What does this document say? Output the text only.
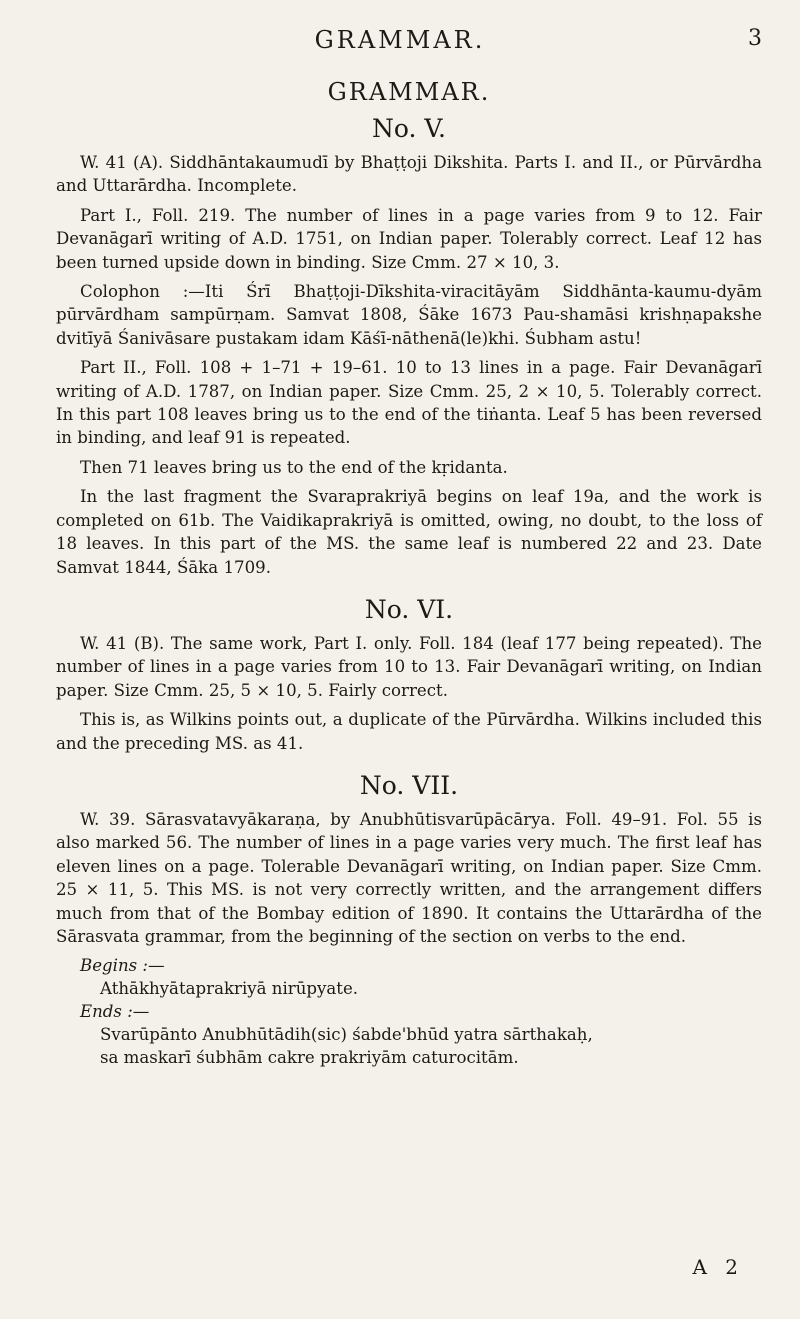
GRAMMAR.	3
GRAMMAR.
No. V.

W. 41 (A). Siddhāntakaumudī by Bhaṭṭoji Dikshita. Parts I. and II., or Pūrvārdha and Uttarārdha. Incomplete.

Part I., Foll. 219. The number of lines in a page varies from 9 to 12. Fair Devanāgarī writing of A.D. 1751, on Indian paper. Tolerably correct. Leaf 12 has been turned upside down in binding. Size Cmm. 27 × 10, 3.

Colophon :—Iti Śrī Bhaṭṭoji-Dīkshita-viracitāyām Siddhānta-kaumu-dyām pūrvārdham sampūrṇam. Samvat 1808, Śāke 1673 Pau-shamāsi krishṇapakshe dvitīyā Śanivāsare pustakam idam Kāśī-nāthenā(le)khi. Śubham astu!

Part II., Foll. 108 + 1–71 + 19–61. 10 to 13 lines in a page. Fair Devanāgarī writing of A.D. 1787, on Indian paper. Size Cmm. 25, 2 × 10, 5. Tolerably correct. In this part 108 leaves bring us to the end of the tiṅanta. Leaf 5 has been reversed in binding, and leaf 91 is repeated.

Then 71 leaves bring us to the end of the kṛidanta.

In the last fragment the Svaraprakriyā begins on leaf 19a, and the work is completed on 61b. The Vaidikaprakriyā is omitted, owing, no doubt, to the loss of 18 leaves. In this part of the MS. the same leaf is numbered 22 and 23. Date Samvat 1844, Śāka 1709.

No. VI.

W. 41 (B). The same work, Part I. only. Foll. 184 (leaf 177 being repeated). The number of lines in a page varies from 10 to 13. Fair Devanāgarī writing, on Indian paper. Size Cmm. 25, 5 × 10, 5. Fairly correct.

This is, as Wilkins points out, a duplicate of the Pūrvārdha. Wilkins included this and the preceding MS. as 41.

No. VII.

W. 39. Sārasvatavyākaraṇa, by Anubhūtisvarūpācārya. Foll. 49–91. Fol. 55 is also marked 56. The number of lines in a page varies very much. The first leaf has eleven lines on a page. Tolerable Devanāgarī writing, on Indian paper. Size Cmm. 25 × 11, 5. This MS. is not very correctly written, and the arrangement differs much from that of the Bombay edition of 1890. It contains the Uttarārdha of the Sārasvata grammar, from the beginning of the section on verbs to the end.

Begins :—
Athākhyātaprakriyā nirūpyate.
Ends :—
Svarūpānto Anubhūtādih(sic) śabde'bhūd yatra sārthakaḥ,
sa maskarī śubhām cakre prakriyām caturocitām.
A 2
